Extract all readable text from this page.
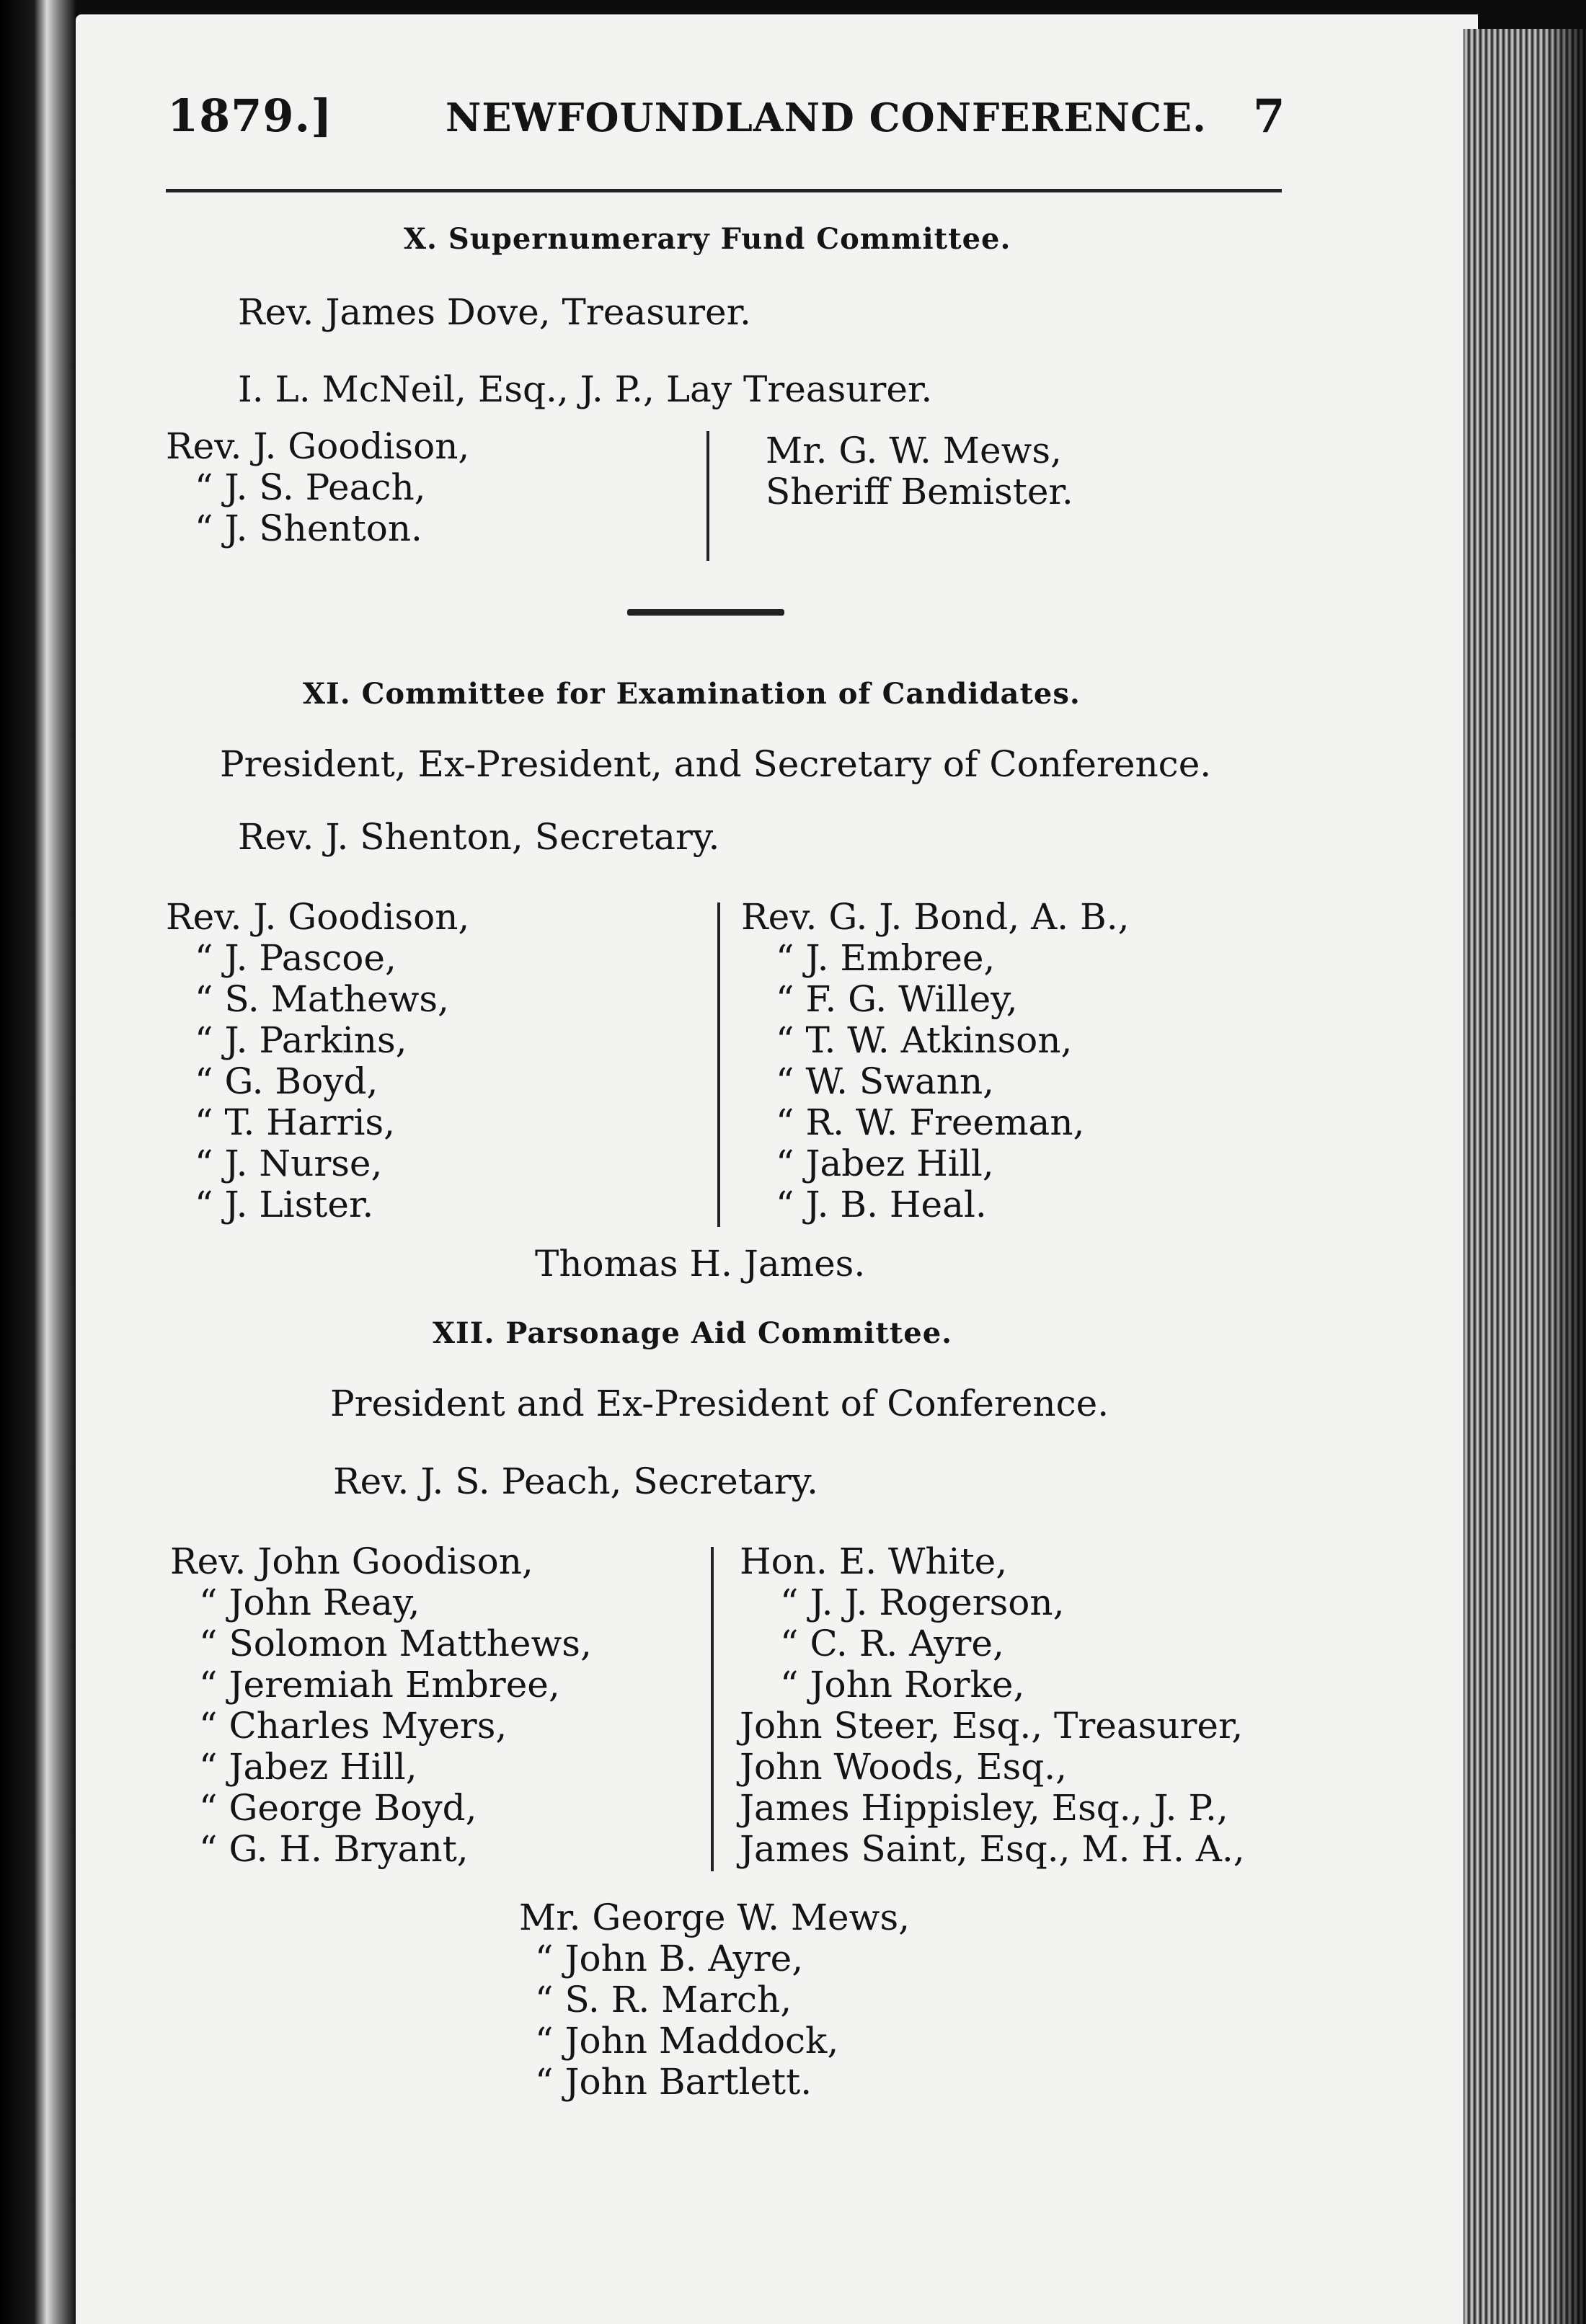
1879.]	NEWFOUNDLAND CONFERENCE. 7
X. Supernumerary Fund Committee.
Rev. James Dove, Treasurer.
I. L. McNeil, Esq., J. P., Lay Treasurer.
Rev. J. Goodison,
“ J. S. Peach,
“ J. Shenton.
Mr. G. W. Mews,
Sheriff Bemister.
XI. Committee for Examination of Candidates.
President, Ex-President, and Secretary of Conference.
Rev. J. Shenton, Secretary.
Rev. J. Goodison,
“ J. Pascoe,
“ S. Mathews,
“ J. Parkins,
“ G. Boyd,
“ T. Harris,
“ J. Nurse,
“ J. Lister.
Rev. G. J. Bond, A. B.,
“ J. Embree,
“ F. G. Willey,
“ T. W. Atkinson,
“ W. Swann,
“ R. W. Freeman,
“ Jabez Hill,
“ J. B. Heal.
Thomas H. James.
XII. Parsonage Aid Committee.
President and Ex-President of Conference.
Rev. J. S. Peach, Secretary.
Rev. John Goodison,
“ John Reay,
“ Solomon Matthews,
“ Jeremiah Embree,
“ Charles Myers,
“ Jabez Hill,
“ George Boyd,
“ G. H. Bryant,
Hon. E. White,
“ J. J. Rogerson,
“ C. R. Ayre,
“ John Rorke,
John Steer, Esq., Treasurer,
John Woods, Esq.,
James Hippisley, Esq., J. P.,
James Saint, Esq., M. H. A.,
Mr. George W. Mews,
“ John B. Ayre,
“ S. R. March,
“ John Maddock,
“ John Bartlett.
